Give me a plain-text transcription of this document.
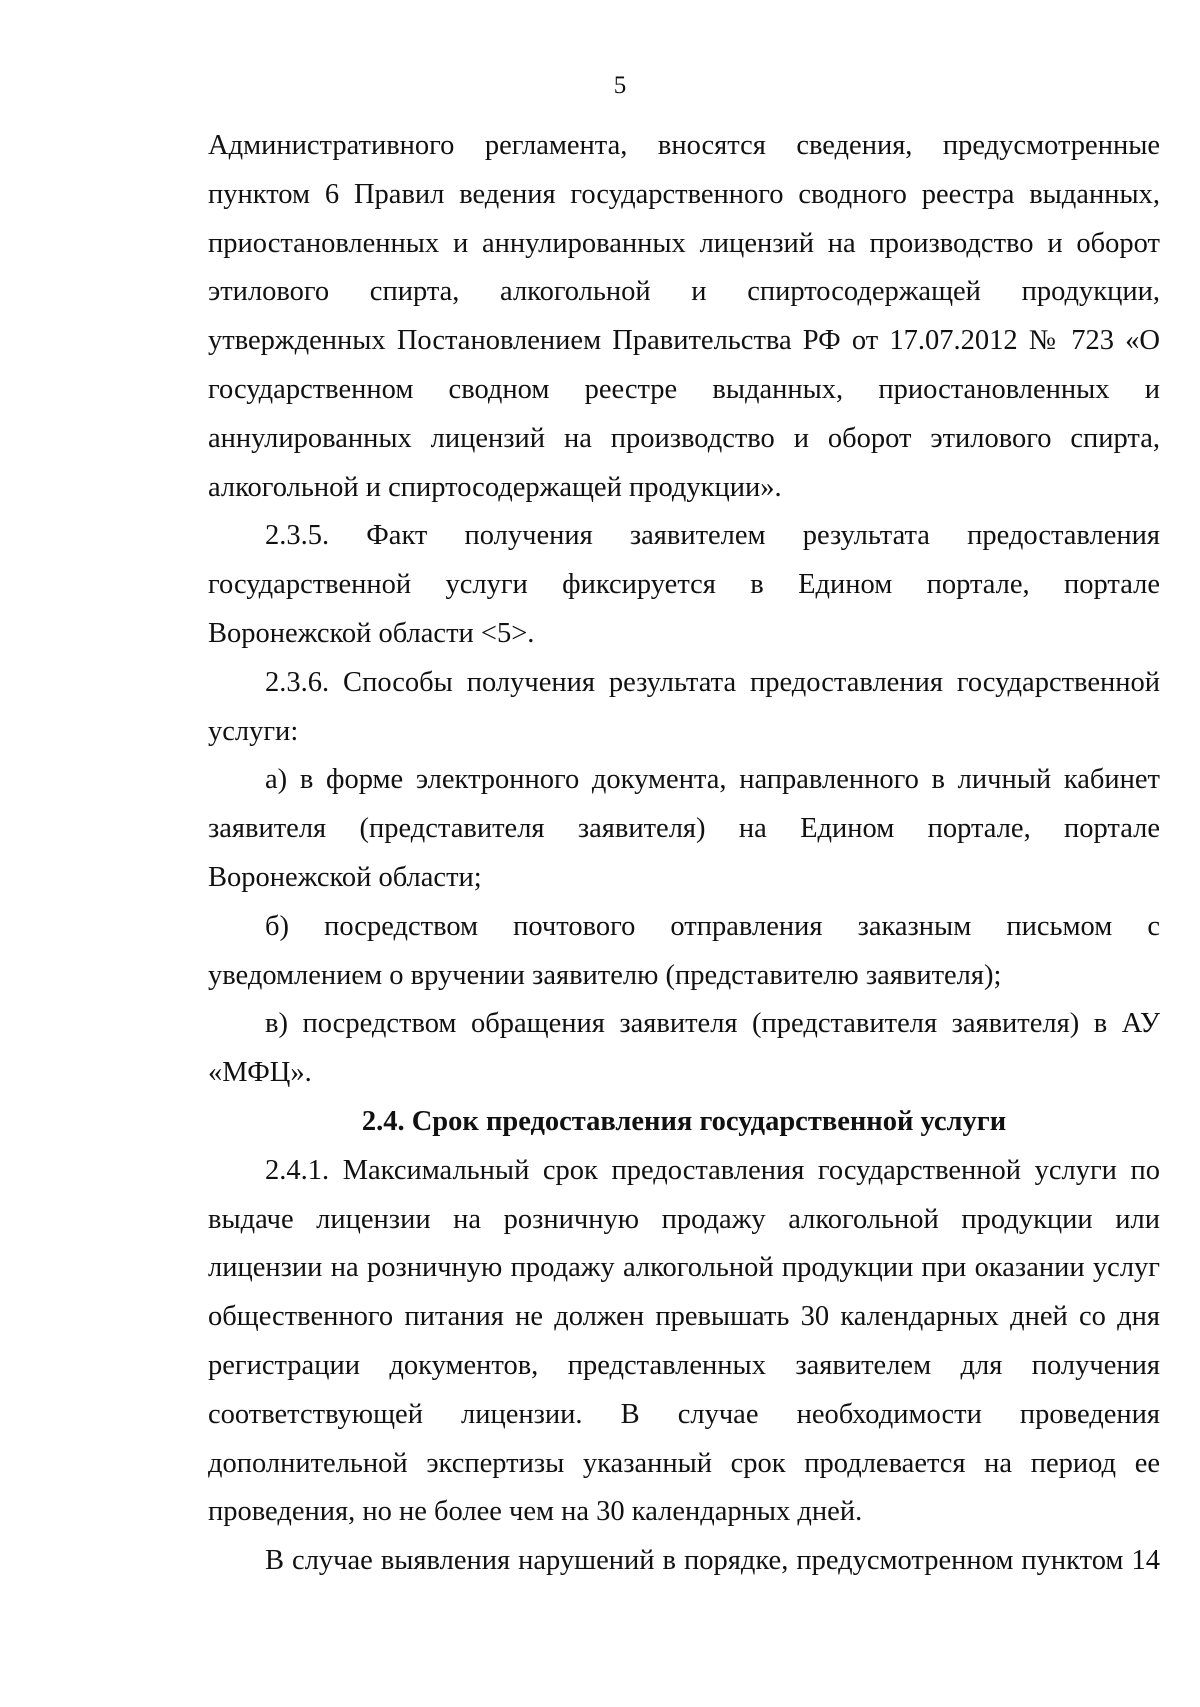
5

Административного регламента, вносятся сведения, предусмотренные пунктом 6 Правил ведения государственного сводного реестра выданных, приостановленных и аннулированных лицензий на производство и оборот этилового спирта, алкогольной и спиртосодержащей продукции, утвержденных Постановлением Правительства РФ от 17.07.2012 № 723 «О государственном сводном реестре выданных, приостановленных и аннулированных лицензий на производство и оборот этилового спирта, алкогольной и спиртосодержащей продукции».

2.3.5. Факт получения заявителем результата предоставления государственной услуги фиксируется в Едином портале, портале Воронежской области <5>.

2.3.6. Способы получения результата предоставления государственной услуги:

а) в форме электронного документа, направленного в личный кабинет заявителя (представителя заявителя) на Едином портале, портале Воронежской области;

б) посредством почтового отправления заказным письмом с уведомлением о вручении заявителю (представителю заявителя);

в) посредством обращения заявителя (представителя заявителя) в АУ «МФЦ».

2.4. Срок предоставления государственной услуги

2.4.1. Максимальный срок предоставления государственной услуги по выдаче лицензии на розничную продажу алкогольной продукции или лицензии на розничную продажу алкогольной продукции при оказании услуг общественного питания не должен превышать 30 календарных дней со дня регистрации документов, представленных заявителем для получения соответствующей лицензии. В случае необходимости проведения дополнительной экспертизы указанный срок продлевается на период ее проведения, но не более чем на 30 календарных дней.

В случае выявления нарушений в порядке, предусмотренном пунктом 14
